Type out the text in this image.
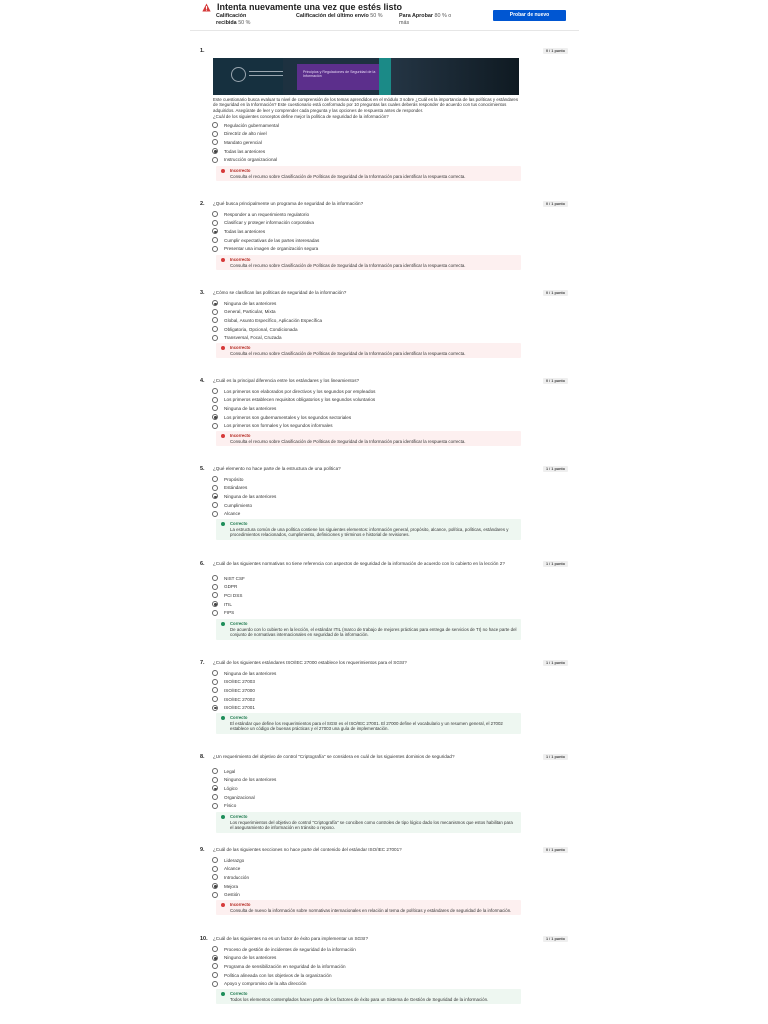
Intenta nuevamente una vez que estés listo
Calificación recibida 50 %
Calificación del último envío 50 %	Para Aprobar 80 % o más
Probar de nuevo
Principios y Regulaciones de Seguridad de la Información
Este cuestionario busca evaluar tu nivel de comprensión de los temas aprendidos en el módulo 3 sobre ¿Cuál es la importancia de las políticas y estándares de Seguridad en la Información? Este cuestionario está conformado por 10 preguntas las cuales deberás responder de acuerdo con tus conocimientos adquiridos. Asegúrate de leer y comprender cada pregunta y las opciones de respuesta antes de responder.
¿Cuál de los siguientes conceptos define mejor la política de seguridad de la información?
1.	0 / 1 punto
Regulación gubernamental
Directriz de alto nivel
Mandato gerencial
Todas las anteriores
Instrucción organizacional
Incorrecto
Consulta el recurso sobre Clasificación de Políticas de Seguridad de la Información para identificar la respuesta correcta.
2.	0 / 1 punto
¿Qué busca principalmente un programa de seguridad de la información?
Responder a un requerimiento regulatorio
Clasificar y proteger información corporativa
Todas las anteriores
Cumplir expectativas de las partes interesadas
Presentar una imagen de organización segura
Incorrecto
Consulta el recurso sobre Clasificación de Políticas de Seguridad de la Información para identificar la respuesta correcta.
3.	0 / 1 punto
¿Cómo se clasifican las políticas de seguridad de la información?
Ninguna de las anteriores
General, Particular, Mixta
Global, Asunto Específico, Aplicación Específica
Obligatoria, Opcional, Condicionada
Transversal, Focal, Cruzada
Incorrecto
Consulta el recurso sobre Clasificación de Políticas de Seguridad de la Información para identificar la respuesta correcta.
4.	0 / 1 punto
¿Cuál es la principal diferencia entre los estándares y los lineamientos?
Los primeros son elaborados por directivos y los segundos por empleados
Los primeros establecen requisitos obligatorios y los segundos voluntarios
Ninguna de las anteriores
Los primeros son gubernamentales y los segundos sectoriales
Los primeros son formales y los segundos informales
Incorrecto
Consulta el recurso sobre Clasificación de Políticas de Seguridad de la Información para identificar la respuesta correcta.
5.	1 / 1 punto
¿Qué elemento no hace parte de la estructura de una política?
Propósito
Estándares
Ninguna de las anteriores
Cumplimiento
Alcance
Correcto
La estructura común de una política contiene los siguientes elementos: información general, propósito, alcance, política, políticas, estándares y procedimientos relacionados, cumplimiento, definiciones y términos e historial de revisiones.
6.	1 / 1 punto
¿Cuál de las siguientes normativas no tiene referencia con aspectos de seguridad de la información de acuerdo con lo cubierto en la lección 2?
NIST CSF
GDPR
PCI DSS
ITIL
FIPS
Correcto
De acuerdo con lo cubierto en la lección, el estándar ITIL (marco de trabajo de mejores prácticas para entrega de servicios de TI) no hace parte del conjunto de normativas internacionales en seguridad de la información.
7.	1 / 1 punto
¿Cuál de los siguientes estándares ISO/IEC 27000 establece los requerimientos para el SGSI?
Ninguna de las anteriores
ISO/IEC 27003
ISO/IEC 27000
ISO/IEC 27002
ISO/IEC 27001
Correcto
El estándar que define los requerimientos para el SGSI es el ISO/IEC 27001. El 27000 define el vocabulario y un resumen general, el 27002 establece un código de buenas prácticas y el 27003 una guía de implementación.
8.	1 / 1 punto
¿Un requerimiento del objetivo de control "Criptografía" se considera en cuál de los siguientes dominios de seguridad?
Legal
Ninguno de los anteriores
Lógico
Organizacional
Físico
Correcto
Los requerimientos del objetivo de control "Criptografía" se conciben como controles de tipo lógico dado los mecanismos que estos habilitan para el aseguramiento de información en tránsito o reposo.
9.	0 / 1 punto
¿Cuál de las siguientes secciones no hace parte del contenido del estándar ISO/IEC 27001?
Liderazgo
Alcance
Introducción
Mejora
Gestión
Incorrecto
Consulta de nuevo la información sobre normativas internacionales en relación al tema de políticas y estándares de seguridad de la información.
10.	1 / 1 punto
¿Cuál de las siguientes no es un factor de éxito para implementar un SGSI?
Proceso de gestión de incidentes de seguridad de la información
Ninguno de los anteriores
Programa de sensibilización en seguridad de la información
Política alineada con los objetivos de la organización
Apoyo y compromiso de la alta dirección
Correcto
Todos los elementos contemplados hacen parte de los factores de éxito para un Sistema de Gestión de Seguridad de la información.
